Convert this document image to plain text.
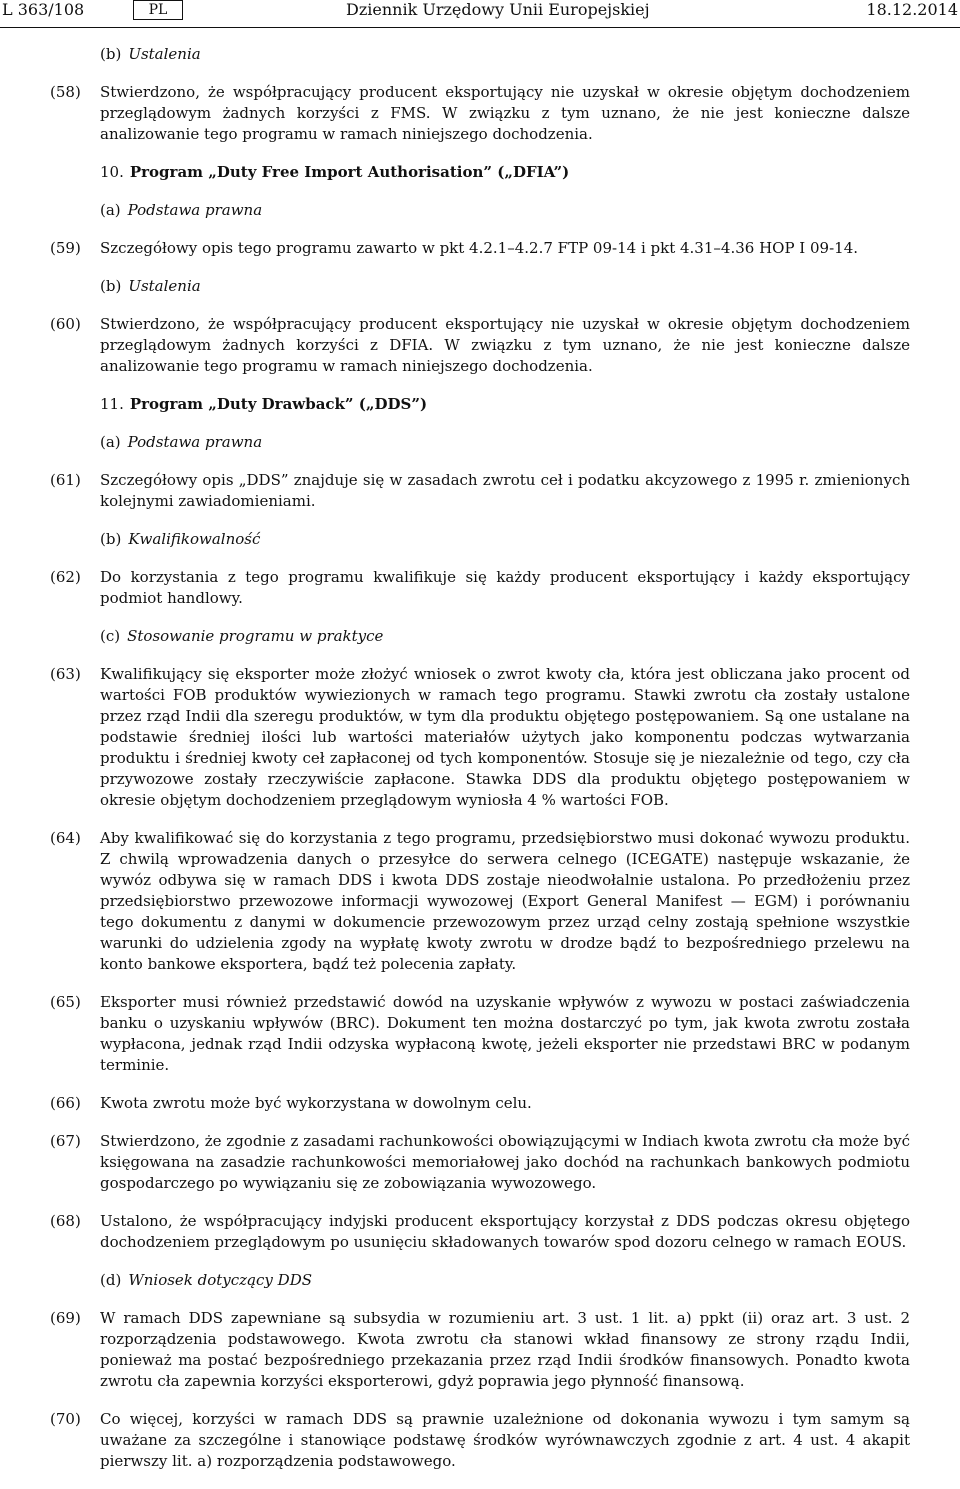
L 363/108	PL	Dziennik Urzędowy Unii Europejskiej	18.12.2014
(b) Ustalenia
(58) Stwierdzono, że współpracujący producent eksportujący nie uzyskał w okresie objętym dochodzeniem przeglądowym żadnych korzyści z FMS. W związku z tym uznano, że nie jest konieczne dalsze analizowanie tego programu w ramach niniejszego dochodzenia.
10. Program „Duty Free Import Authorisation” („DFIA”)
(a) Podstawa prawna
(59) Szczegółowy opis tego programu zawarto w pkt 4.2.1–4.2.7 FTP 09-14 i pkt 4.31–4.36 HOP I 09-14.
(b) Ustalenia
(60) Stwierdzono, że współpracujący producent eksportujący nie uzyskał w okresie objętym dochodzeniem przeglądowym żadnych korzyści z DFIA. W związku z tym uznano, że nie jest konieczne dalsze analizowanie tego programu w ramach niniejszego dochodzenia.
11. Program „Duty Drawback” („DDS”)
(a) Podstawa prawna
(61) Szczegółowy opis „DDS” znajduje się w zasadach zwrotu ceł i podatku akcyzowego z 1995 r. zmienionych kolejnymi zawiadomieniami.
(b) Kwalifikowalność
(62) Do korzystania z tego programu kwalifikuje się każdy producent eksportujący i każdy eksportujący podmiot handlowy.
(c) Stosowanie programu w praktyce
(63) Kwalifikujący się eksporter może złożyć wniosek o zwrot kwoty cła, która jest obliczana jako procent od wartości FOB produktów wywiezionych w ramach tego programu. Stawki zwrotu cła zostały ustalone przez rząd Indii dla szeregu produktów, w tym dla produktu objętego postępowaniem. Są one ustalane na podstawie średniej ilości lub wartości materiałów użytych jako komponentu podczas wytwarzania produktu i średniej kwoty ceł zapłaconej od tych komponentów. Stosuje się je niezależnie od tego, czy cła przywozowe zostały rzeczywiście zapłacone. Stawka DDS dla produktu objętego postępowaniem w okresie objętym dochodzeniem przeglądowym wyniosła 4 % wartości FOB.
(64) Aby kwalifikować się do korzystania z tego programu, przedsiębiorstwo musi dokonać wywozu produktu. Z chwilą wprowadzenia danych o przesyłce do serwera celnego (ICEGATE) następuje wskazanie, że wywóz odbywa się w ramach DDS i kwota DDS zostaje nieodwołalnie ustalona. Po przedłożeniu przez przedsiębiorstwo przewozowe informacji wywozowej (Export General Manifest — EGM) i porównaniu tego dokumentu z danymi w dokumencie przewozowym przez urząd celny zostają spełnione wszystkie warunki do udzielenia zgody na wypłatę kwoty zwrotu w drodze bądź to bezpośredniego przelewu na konto bankowe eksportera, bądź też polecenia zapłaty.
(65) Eksporter musi również przedstawić dowód na uzyskanie wpływów z wywozu w postaci zaświadczenia banku o uzyskaniu wpływów (BRC). Dokument ten można dostarczyć po tym, jak kwota zwrotu została wypłacona, jednak rząd Indii odzyska wypłaconą kwotę, jeżeli eksporter nie przedstawi BRC w podanym terminie.
(66) Kwota zwrotu może być wykorzystana w dowolnym celu.
(67) Stwierdzono, że zgodnie z zasadami rachunkowości obowiązującymi w Indiach kwota zwrotu cła może być księgowana na zasadzie rachunkowości memoriałowej jako dochód na rachunkach bankowych podmiotu gospodarczego po wywiązaniu się ze zobowiązania wywozowego.
(68) Ustalono, że współpracujący indyjski producent eksportujący korzystał z DDS podczas okresu objętego dochodzeniem przeglądowym po usunięciu składowanych towarów spod dozoru celnego w ramach EOUS.
(d) Wniosek dotyczący DDS
(69) W ramach DDS zapewniane są subsydia w rozumieniu art. 3 ust. 1 lit. a) ppkt (ii) oraz art. 3 ust. 2 rozporządzenia podstawowego. Kwota zwrotu cła stanowi wkład finansowy ze strony rządu Indii, ponieważ ma postać bezpośredniego przekazania przez rząd Indii środków finansowych. Ponadto kwota zwrotu cła zapewnia korzyści eksporterowi, gdyż poprawia jego płynność finansową.
(70) Co więcej, korzyści w ramach DDS są prawnie uzależnione od dokonania wywozu i tym samym są uważane za szczególne i stanowiące podstawę środków wyrównawczych zgodnie z art. 4 ust. 4 akapit pierwszy lit. a) rozporządzenia podstawowego.
